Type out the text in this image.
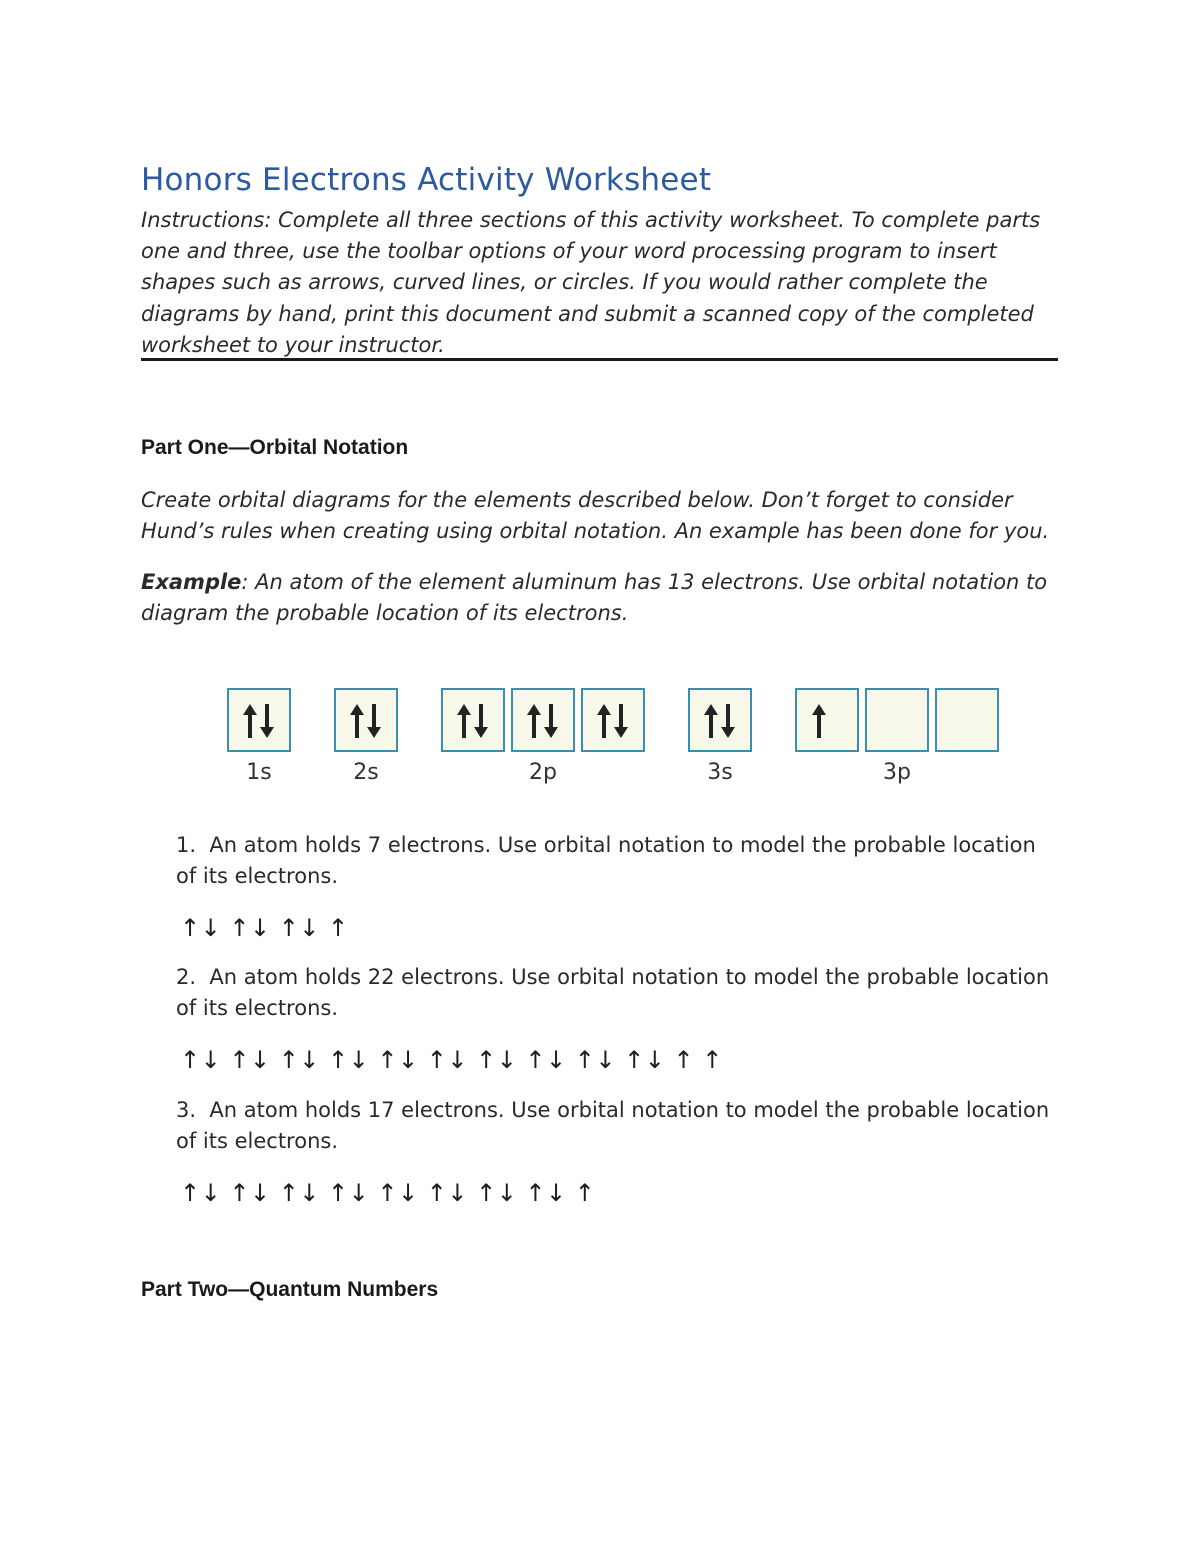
Honors Electrons Activity Worksheet
Instructions: Complete all three sections of this activity worksheet. To complete parts one and three, use the toolbar options of your word processing program to insert shapes such as arrows, curved lines, or circles. If you would rather complete the diagrams by hand, print this document and submit a scanned copy of the completed worksheet to your instructor.
Part One—Orbital Notation
Create orbital diagrams for the elements described below. Don’t forget to consider Hund’s rules when creating using orbital notation. An example has been done for you.
Example: An atom of the element aluminum has 13 electrons. Use orbital notation to diagram the probable location of its electrons.
1s	2s	2p	3s	3p
1. An atom holds 7 electrons. Use orbital notation to model the probable location of its electrons.
↑↓ ↑↓ ↑↓ ↑
2. An atom holds 22 electrons. Use orbital notation to model the probable location of its electrons.
↑↓ ↑↓ ↑↓ ↑↓ ↑↓ ↑↓ ↑↓ ↑↓ ↑↓ ↑↓ ↑ ↑
3. An atom holds 17 electrons. Use orbital notation to model the probable location of its electrons.
↑↓ ↑↓ ↑↓ ↑↓ ↑↓ ↑↓ ↑↓ ↑↓ ↑
Part Two—Quantum Numbers
